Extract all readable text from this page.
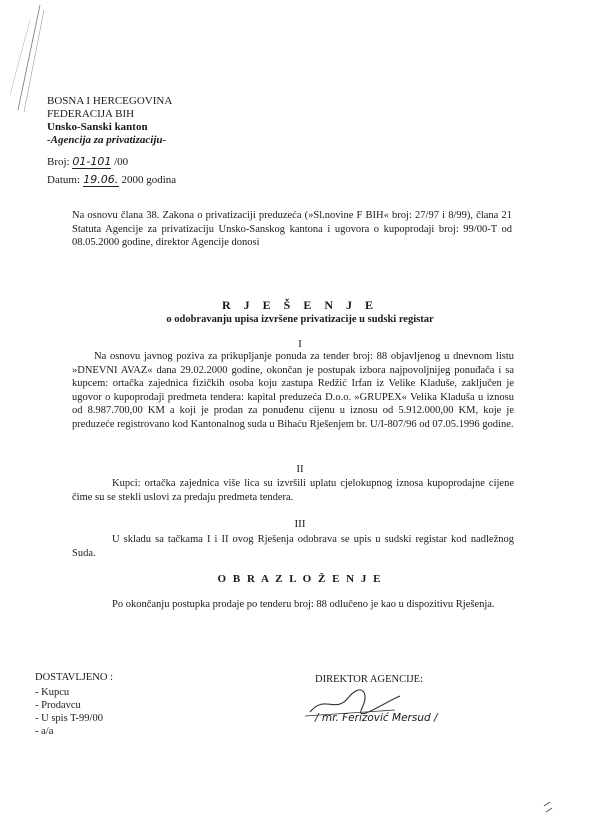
BOSNA I HERCEGOVINA
FEDERACIJA BIH
Unsko-Sanski kanton
-Agencija za privatizaciju-
Broj: 01-101 /00
Datum: 19.06. 2000 godina
Na osnovu člana 38. Zakona o privatizaciji preduzeća (»Sl.novine F BIH« broj: 27/97 i 8/99), člana 21 Statuta Agencije za privatizaciju Unsko-Sanskog kantona i ugovora o kupoprodaji broj: 99/00-T od 08.05.2000 godine, direktor Agencije donosi
R J E Š E N J E
o odobravanju upisa izvršene privatizacije u sudski registar
I
Na osnovu javnog poziva za prikupljanje ponuda za tender broj: 88 objavljenog u dnevnom listu »DNEVNI AVAZ« dana 29.02.2000 godine, okončan je postupak izbora najpovoljnijeg ponuđača i sa kupcem: ortačka zajednica fizičkih osoba koju zastupa Redžić Irfan iz Velike Kladuše, zaključen je ugovor o kupoprodaji predmeta tendera: kapital preduzeća D.o.o. »GRUPEX« Velika Kladuša u iznosu od 8.987.700,00 KM a koji je prodan za ponuđenu cijenu u iznosu od 5.912.000,00 KM, koje je preduzeće registrovano kod Kantonalnog suda u Bihaću Rješenjem br. U/I-807/96 od 07.05.1996 godine.
II
Kupci: ortačka zajednica više lica su izvršili uplatu cjelokupnog iznosa kupoprodajne cijene čime su se stekli uslovi za predaju predmeta tendera.
III
U skladu sa tačkama I i II ovog Rješenja odobrava se upis u sudski registar kod nadležnog Suda.
O B R A Z L O Ž E N J E
Po okončanju postupka prodaje po tenderu broj: 88 odlučeno je kao u dispozitivu Rješenja.
DOSTAVLJENO :
- Kupcu
- Prodavcu
- U spis T-99/00
- a/a
DIREKTOR AGENCIJE:
/ mr. Ferizović Mersud /
